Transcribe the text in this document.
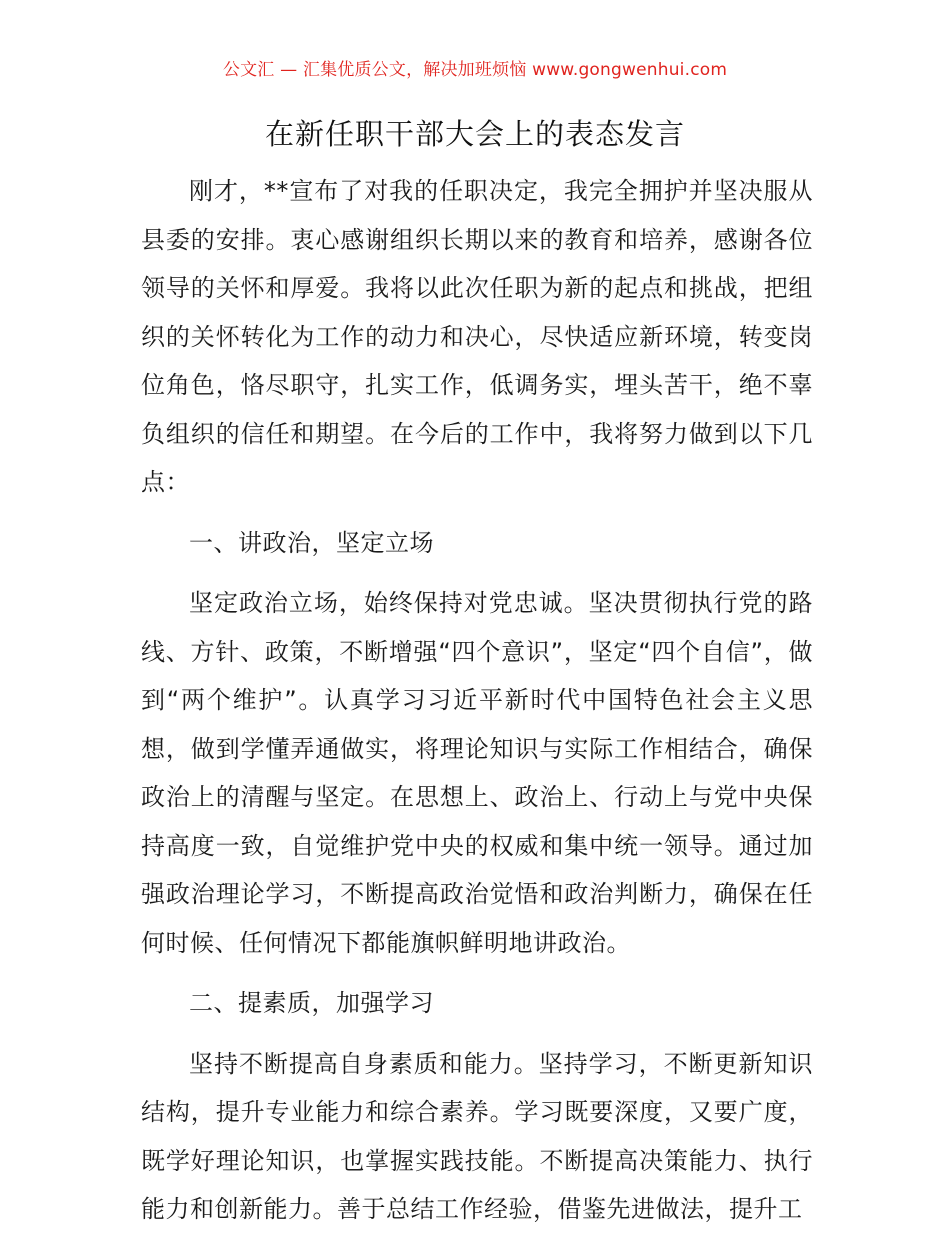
公文汇 — 汇集优质公文，解决加班烦恼 www.gongwenhui.com
在新任职干部大会上的表态发言

刚才，**宣布了对我的任职决定，我完全拥护并坚决服从县委的安排。衷心感谢组织长期以来的教育和培养，感谢各位领导的关怀和厚爱。我将以此次任职为新的起点和挑战，把组织的关怀转化为工作的动力和决心，尽快适应新环境，转变岗位角色，恪尽职守，扎实工作，低调务实，埋头苦干，绝不辜负组织的信任和期望。在今后的工作中，我将努力做到以下几点：

一、讲政治，坚定立场

坚定政治立场，始终保持对党忠诚。坚决贯彻执行党的路线、方针、政策，不断增强“四个意识”，坚定“四个自信”，做到“两个维护”。认真学习习近平新时代中国特色社会主义思想，做到学懂弄通做实，将理论知识与实际工作相结合，确保政治上的清醒与坚定。在思想上、政治上、行动上与党中央保持高度一致，自觉维护党中央的权威和集中统一领导。通过加强政治理论学习，不断提高政治觉悟和政治判断力，确保在任何时候、任何情况下都能旗帜鲜明地讲政治。

二、提素质，加强学习

坚持不断提高自身素质和能力。坚持学习，不断更新知识结构，提升专业能力和综合素养。学习既要深度，又要广度，既学好理论知识，也掌握实践技能。不断提高决策能力、执行能力和创新能力。善于总结工作经验，借鉴先进做法，提升工
